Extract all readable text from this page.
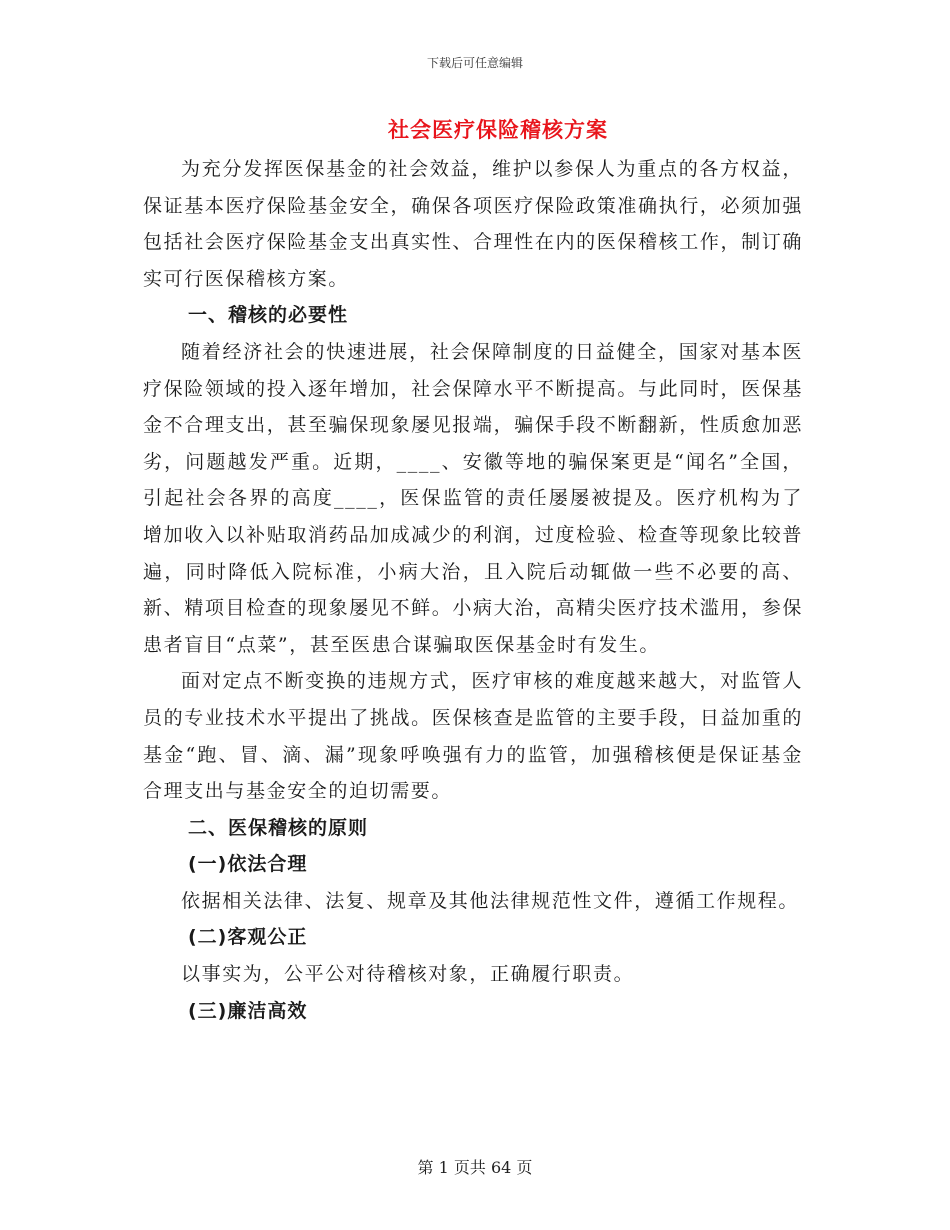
下载后可任意编辑
社会医疗保险稽核方案

为充分发挥医保基金的社会效益，维护以参保人为重点的各方权益，保证基本医疗保险基金安全，确保各项医疗保险政策准确执行，必须加强包括社会医疗保险基金支出真实性、合理性在内的医保稽核工作，制订确实可行医保稽核方案。

一、稽核的必要性

随着经济社会的快速进展，社会保障制度的日益健全，国家对基本医疗保险领域的投入逐年增加，社会保障水平不断提高。与此同时，医保基金不合理支出，甚至骗保现象屡见报端，骗保手段不断翻新，性质愈加恶劣，问题越发严重。近期，____、安徽等地的骗保案更是“闻名”全国，引起社会各界的高度____，医保监管的责任屡屡被提及。医疗机构为了增加收入以补贴取消药品加成减少的利润，过度检验、检查等现象比较普遍，同时降低入院标准，小病大治，且入院后动辄做一些不必要的高、新、精项目检查的现象屡见不鲜。小病大治，高精尖医疗技术滥用，参保患者盲目“点菜”，甚至医患合谋骗取医保基金时有发生。

面对定点不断变换的违规方式，医疗审核的难度越来越大，对监管人员的专业技术水平提出了挑战。医保核查是监管的主要手段，日益加重的基金“跑、冒、滴、漏”现象呼唤强有力的监管，加强稽核便是保证基金合理支出与基金安全的迫切需要。

二、医保稽核的原则

(一)依法合理

依据相关法律、法复、规章及其他法律规范性文件，遵循工作规程。

(二)客观公正

以事实为，公平公对待稽核对象，正确履行职责。

(三)廉洁高效

第 1 页共 64 页
